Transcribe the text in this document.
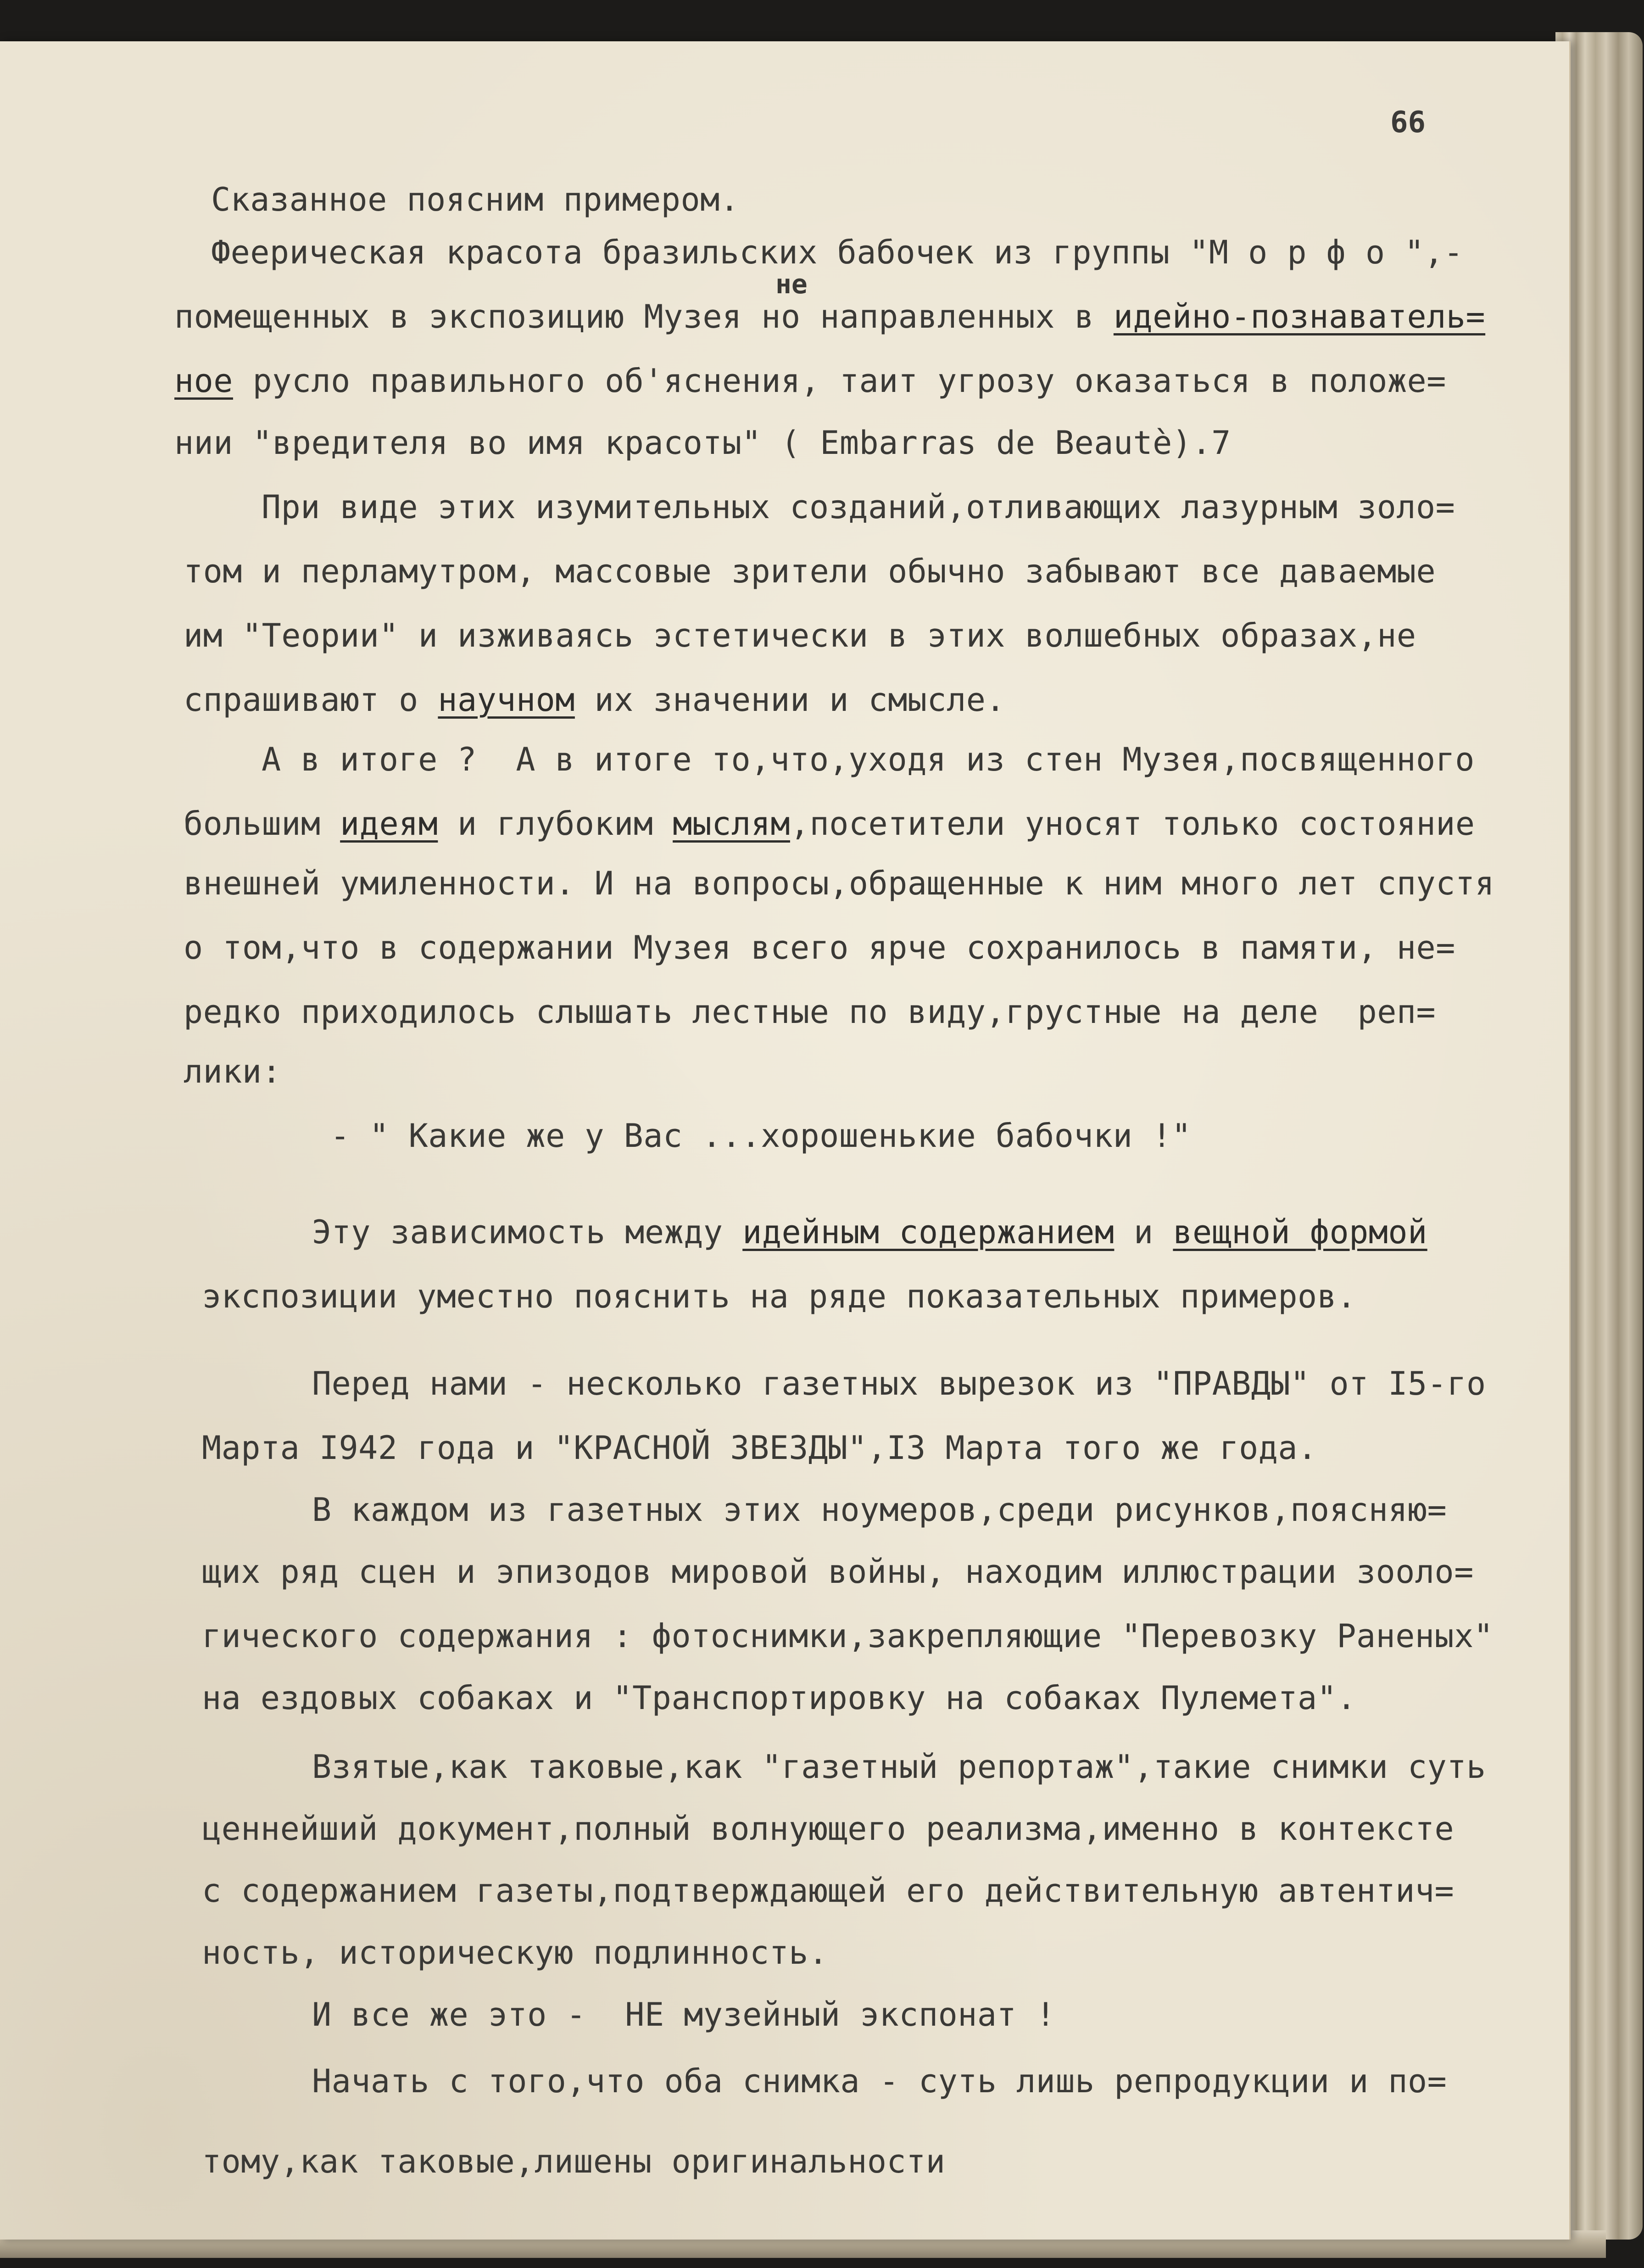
66
не
Сказанное поясним примером.
Феерическая красота бразильских бабочек из группы "М о р ф о ",-
помещенных в экспозицию Музея но направленных в идейно-познаватель=
ное русло правильного об'яснения, таит угрозу оказаться в положе=
нии "вредителя во имя красоты" ( Embarras de Beautè).7
При виде этих изумительных созданий,отливающих лазурным золо=
том и перламутром, массовые зрители обычно забывают все даваемые
им "Теории" и изживаясь эстетически в этих волшебных образах,не
спрашивают о научном их значении и смысле.
А в итоге ?  А в итоге то,что,уходя из стен Музея,посвященного
большим идеям и глубоким мыслям,посетители уносят только состояние
внешней умиленности. И на вопросы,обращенные к ним много лет спустя
о том,что в содержании Музея всего ярче сохранилось в памяти, не=
редко приходилось слышать лестные по виду,грустные на деле  реп=
лики:
- " Какие же у Вас ...хорошенькие бабочки !"
Эту зависимость между идейным содержанием и вещной формой
экспозиции уместно пояснить на ряде показательных примеров.
Перед нами - несколько газетных вырезок из "ПРАВДЫ" от I5-го
Марта I942 года и "КРАСНОЙ ЗВЕЗДЫ",I3 Марта того же года.
В каждом из газетных этих ноумеров,среди рисунков,поясняю=
щих ряд сцен и эпизодов мировой войны, находим иллюстрации зооло=
гического содержания : фотоснимки,закрепляющие "Перевозку Раненых"
на ездовых собаках и "Транспортировку на собаках Пулемета".
Взятые,как таковые,как "газетный репортаж",такие снимки суть
ценнейший документ,полный волнующего реализма,именно в контексте
с содержанием газеты,подтверждающей его действительную автентич=
ность, историческую подлинность.
И все же это -  НЕ музейный экспонат !
Начать с того,что оба снимка - суть лишь репродукции и по=
тому,как таковые,лишены оригинальности
